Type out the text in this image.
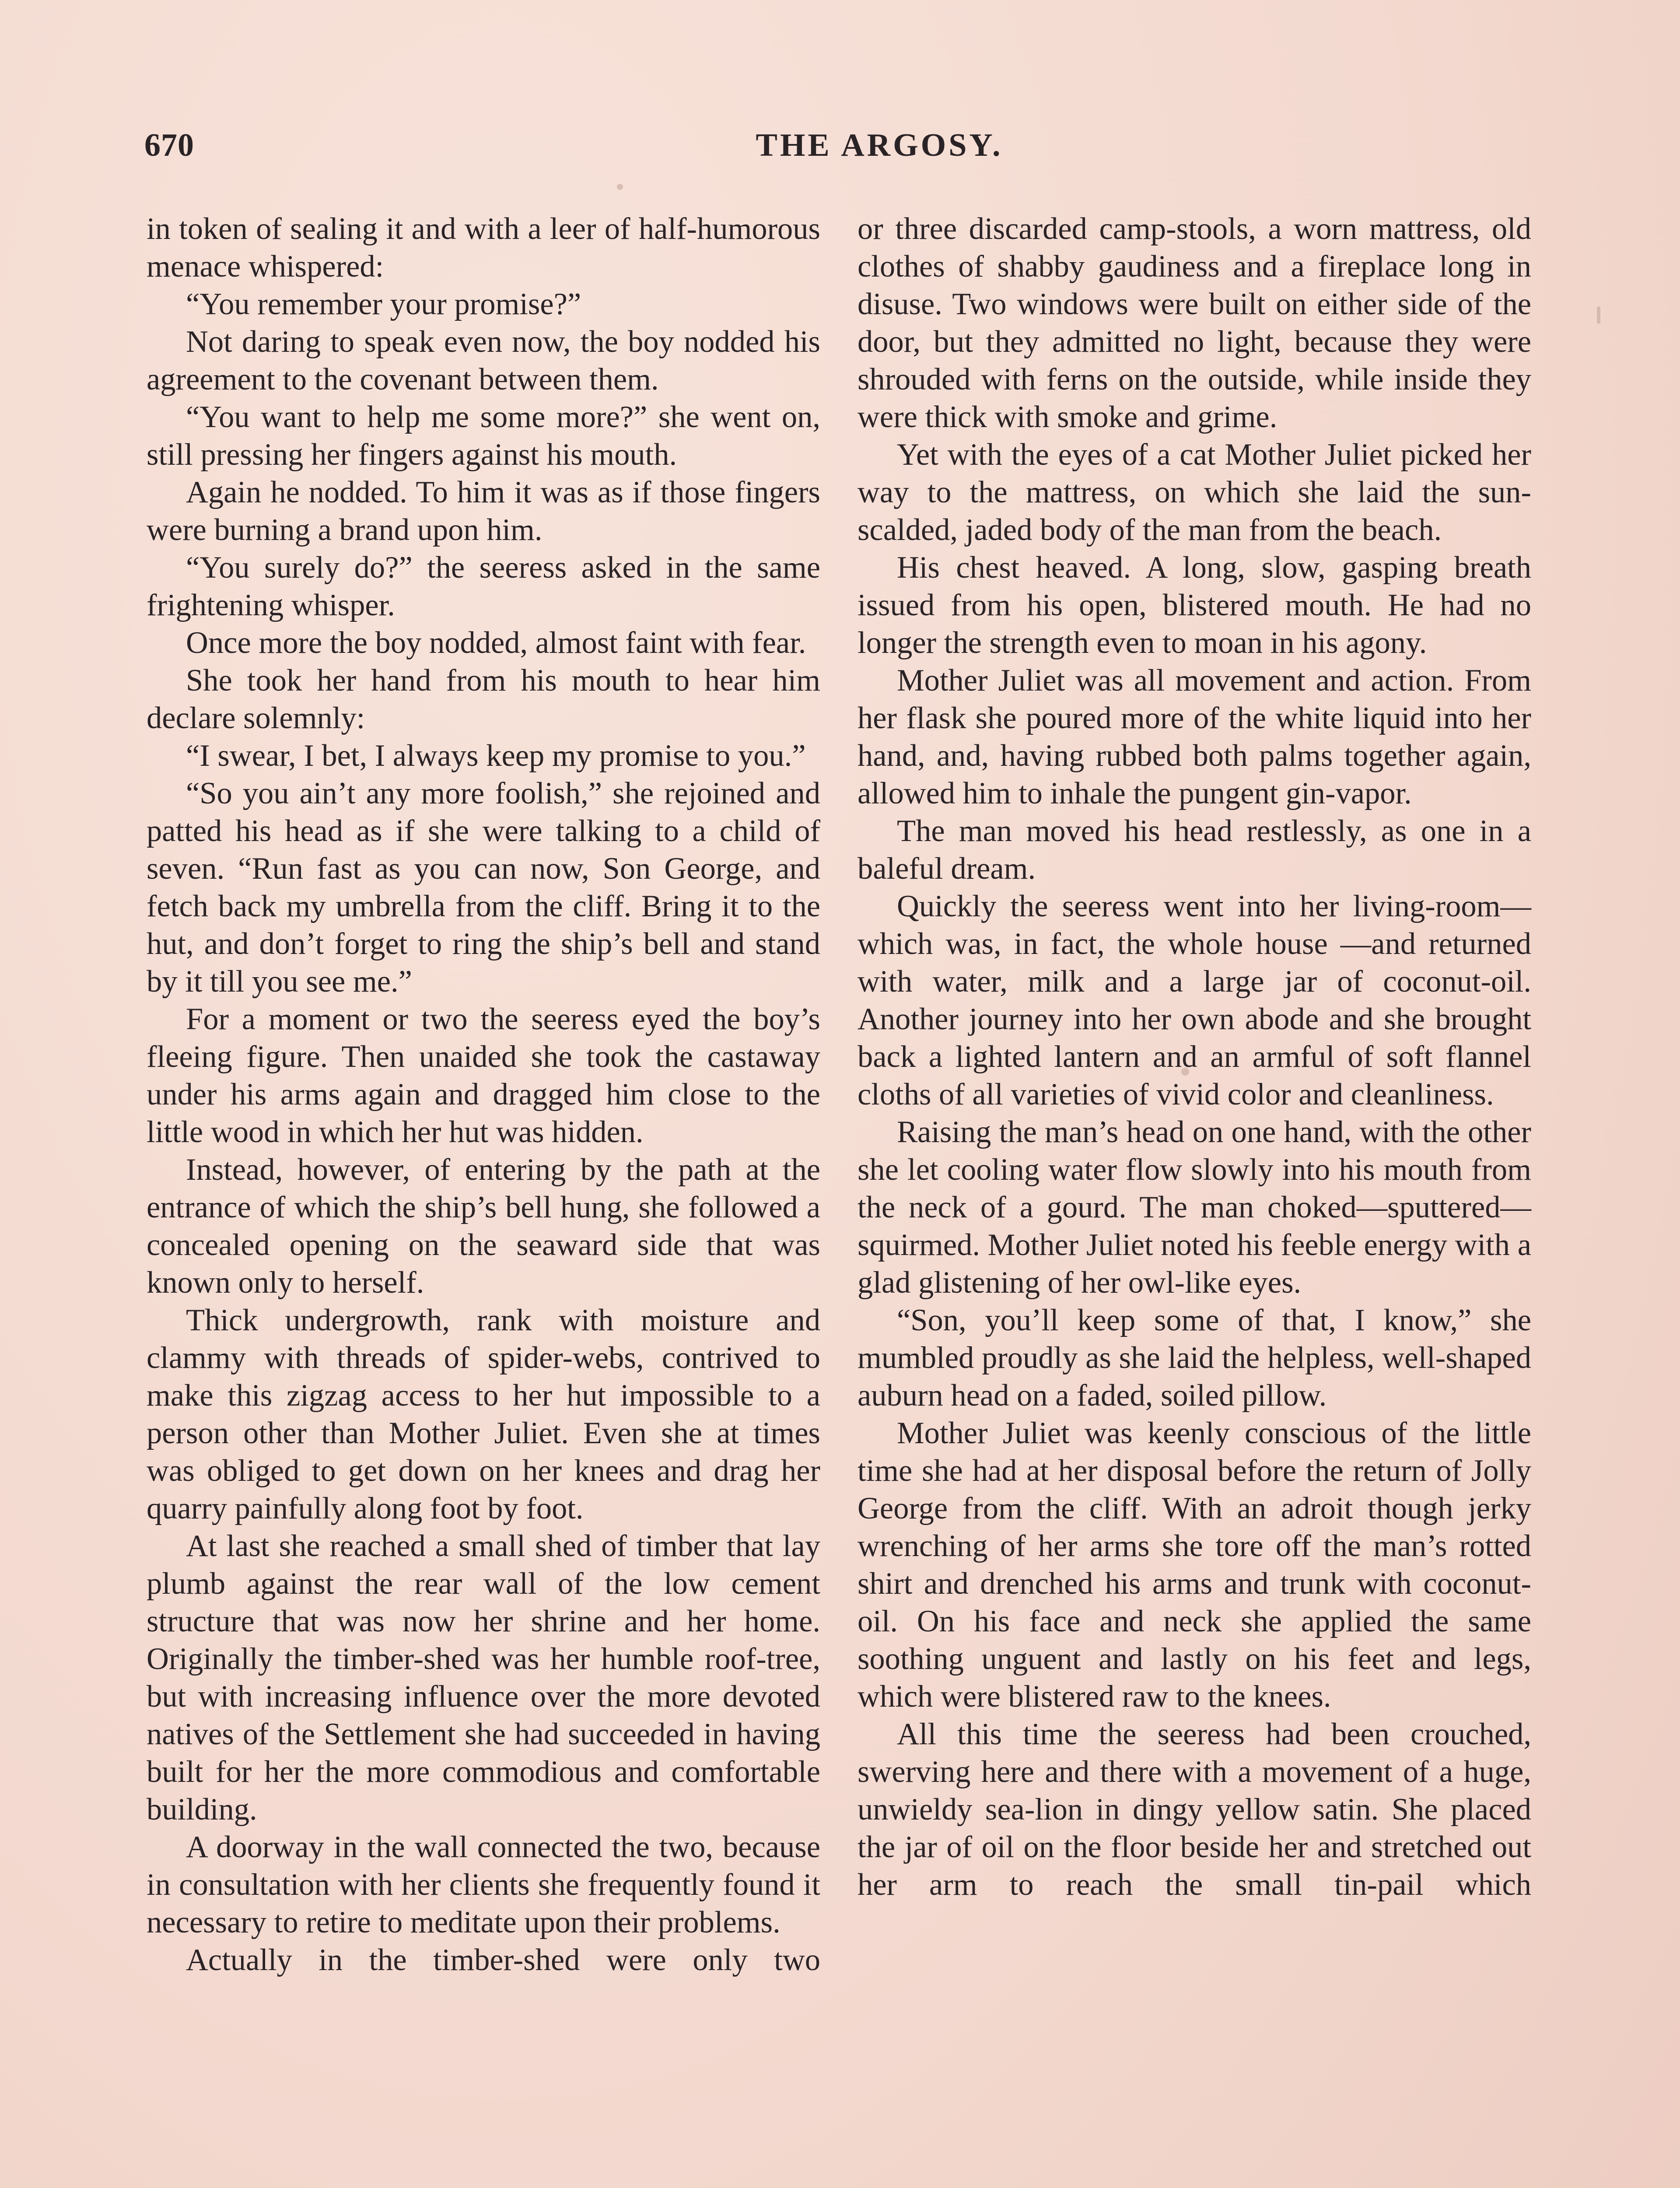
670	THE ARGOSY.

in token of sealing it and with a leer of half-humorous menace whispered:

“You remember your promise?”

Not daring to speak even now, the boy nodded his agreement to the covenant between them.

“You want to help me some more?” she went on, still pressing her fingers against his mouth.

Again he nodded. To him it was as if those fingers were burning a brand upon him.

“You surely do?” the seeress asked in the same frightening whisper.

Once more the boy nodded, almost faint with fear.

She took her hand from his mouth to hear him declare solemnly:

“I swear, I bet, I always keep my promise to you.”

“So you ain’t any more foolish,” she rejoined and patted his head as if she were talking to a child of seven. “Run fast as you can now, Son George, and fetch back my umbrella from the cliff. Bring it to the hut, and don’t forget to ring the ship’s bell and stand by it till you see me.”

For a moment or two the seeress eyed the boy’s fleeing figure. Then unaided she took the castaway under his arms again and dragged him close to the little wood in which her hut was hidden.

Instead, however, of entering by the path at the entrance of which the ship’s bell hung, she followed a concealed opening on the seaward side that was known only to herself.

Thick undergrowth, rank with moisture and clammy with threads of spider-webs, contrived to make this zigzag access to her hut impossible to a person other than Mother Juliet. Even she at times was obliged to get down on her knees and drag her quarry painfully along foot by foot.

At last she reached a small shed of timber that lay plumb against the rear wall of the low cement structure that was now her shrine and her home. Originally the timber-shed was her humble roof-tree, but with increasing influence over the more devoted natives of the Settlement she had succeeded in having built for her the more commodious and comfortable building.

A doorway in the wall connected the two, because in consultation with her clients she frequently found it necessary to retire to meditate upon their problems.

Actually in the timber-shed were only two

or three discarded camp-stools, a worn mattress, old clothes of shabby gaudiness and a fireplace long in disuse. Two windows were built on either side of the door, but they admitted no light, because they were shrouded with ferns on the outside, while inside they were thick with smoke and grime.

Yet with the eyes of a cat Mother Juliet picked her way to the mattress, on which she laid the sun-scalded, jaded body of the man from the beach.

His chest heaved. A long, slow, gasping breath issued from his open, blistered mouth. He had no longer the strength even to moan in his agony.

Mother Juliet was all movement and action. From her flask she poured more of the white liquid into her hand, and, having rubbed both palms together again, allowed him to inhale the pungent gin-vapor.

The man moved his head restlessly, as one in a baleful dream.

Quickly the seeress went into her living-room—which was, in fact, the whole house —and returned with water, milk and a large jar of coconut-oil. Another journey into her own abode and she brought back a lighted lantern and an armful of soft flannel cloths of all varieties of vivid color and cleanliness.

Raising the man’s head on one hand, with the other she let cooling water flow slowly into his mouth from the neck of a gourd. The man choked—sputtered—squirmed. Mother Juliet noted his feeble energy with a glad glistening of her owl-like eyes.

“Son, you’ll keep some of that, I know,” she mumbled proudly as she laid the helpless, well-shaped auburn head on a faded, soiled pillow.

Mother Juliet was keenly conscious of the little time she had at her disposal before the return of Jolly George from the cliff. With an adroit though jerky wrenching of her arms she tore off the man’s rotted shirt and drenched his arms and trunk with coconut-oil. On his face and neck she applied the same soothing unguent and lastly on his feet and legs, which were blistered raw to the knees.

All this time the seeress had been crouched, swerving here and there with a movement of a huge, unwieldy sea-lion in dingy yellow satin. She placed the jar of oil on the floor beside her and stretched out her arm to reach the small tin-pail which
